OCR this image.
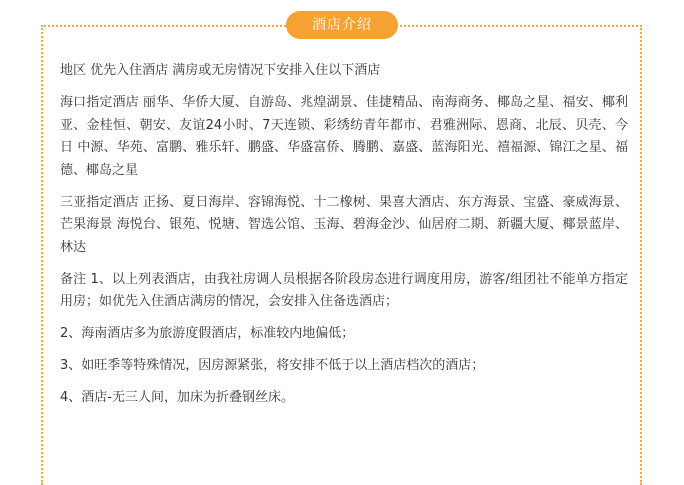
酒店介绍

地区 优先入住酒店 满房或无房情况下安排入住以下酒店

海口指定酒店 丽华、华侨大厦、自游岛、兆煌湖景、佳捷精品、南海商务、椰岛之星、福安、椰利亚、金桂恒、朝安、友谊24小时、7天连锁、彩绣纺青年都市、君雅洲际、恩商、北辰、贝壳、今日 中源、华苑、富鹏、雅乐轩、鹏盛、华盛富侨、腾鹏、嘉盛、蓝海阳光、禧福源、锦江之星、福德、椰岛之星

三亚指定酒店 正扬、夏日海岸、容锦海悦、十二橡树、果喜大酒店、东方海景、宝盛、豪威海景、芒果海景 海悦台、银苑、悦塘、智选公馆、玉海、碧海金沙、仙居府二期、新疆大厦、椰景蓝岸、林达

备注 1、以上列表酒店，由我社房调人员根据各阶段房态进行调度用房，游客/组团社不能单方指定用房；如优先入住酒店满房的情况，会安排入住备选酒店；

2、海南酒店多为旅游度假酒店，标准较内地偏低；

3、如旺季等特殊情况，因房源紧张，将安排不低于以上酒店档次的酒店；

4、酒店-无三人间，加床为折叠钢丝床。
